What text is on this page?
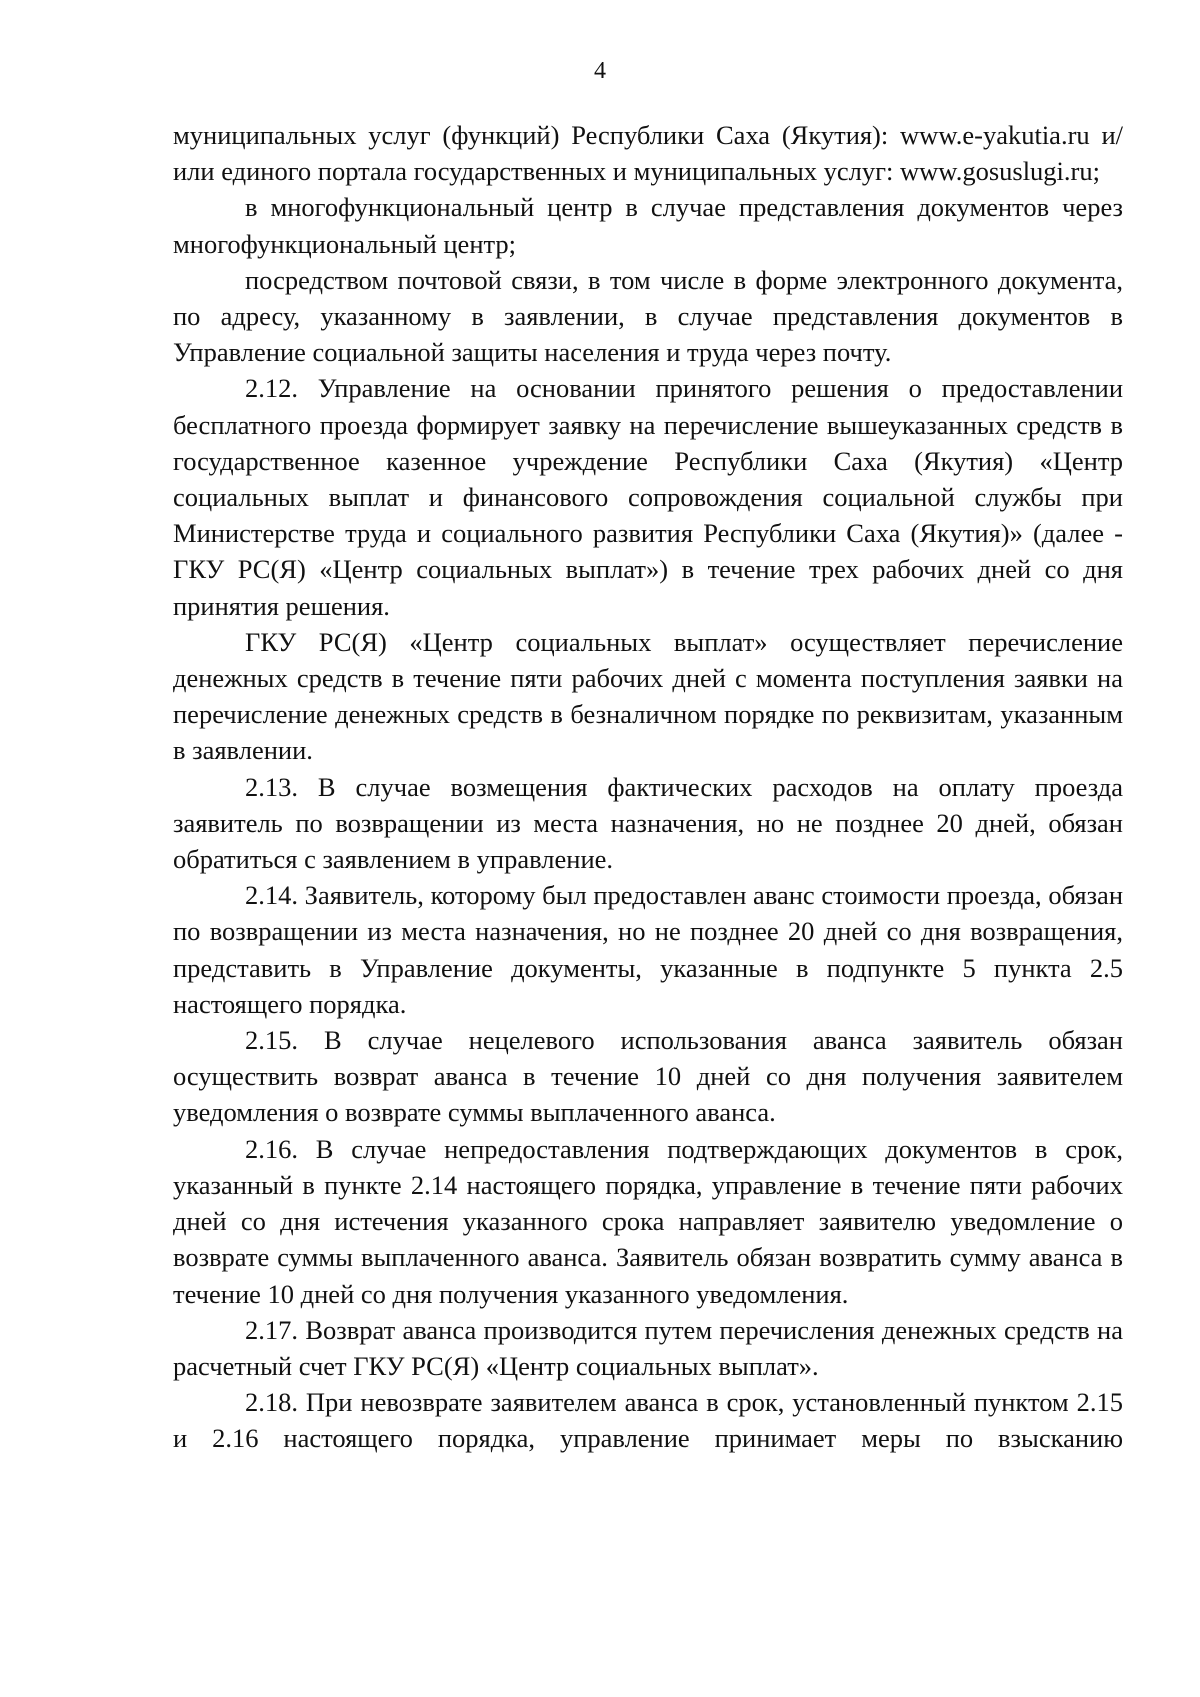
4

муниципальных услуг (функций) Республики Саха (Якутия): www.e-yakutia.ru и/или единого портала государственных и муниципальных услуг: www.gosuslugi.ru;

в многофункциональный центр в случае представления документов через многофункциональный центр;

посредством почтовой связи, в том числе в форме электронного документа, по адресу, указанному в заявлении, в случае представления документов в Управление социальной защиты населения и труда через почту.

2.12. Управление на основании принятого решения о предоставлении бесплатного проезда формирует заявку на перечисление вышеуказанных средств в государственное казенное учреждение Республики Саха (Якутия) «Центр социальных выплат и финансового сопровождения социальной службы при Министерстве труда и социального развития Республики Саха (Якутия)» (далее - ГКУ РС(Я) «Центр социальных выплат») в течение трех рабочих дней со дня принятия решения.

ГКУ РС(Я) «Центр социальных выплат» осуществляет перечисление денежных средств в течение пяти рабочих дней с момента поступления заявки на перечисление денежных средств в безналичном порядке по реквизитам, указанным в заявлении.

2.13. В случае возмещения фактических расходов на оплату проезда заявитель по возвращении из места назначения, но не позднее 20 дней, обязан обратиться с заявлением в управление.

2.14. Заявитель, которому был предоставлен аванс стоимости проезда, обязан по возвращении из места назначения, но не позднее 20 дней со дня возвращения, представить в Управление документы, указанные в подпункте 5 пункта 2.5 настоящего порядка.

2.15. В случае нецелевого использования аванса заявитель обязан осуществить возврат аванса в течение 10 дней со дня получения заявителем уведомления о возврате суммы выплаченного аванса.

2.16. В случае непредоставления подтверждающих документов в срок, указанный в пункте 2.14 настоящего порядка, управление в течение пяти рабочих дней со дня истечения указанного срока направляет заявителю уведомление о возврате суммы выплаченного аванса. Заявитель обязан возвратить сумму аванса в течение 10 дней со дня получения указанного уведомления.

2.17. Возврат аванса производится путем перечисления денежных средств на расчетный счет ГКУ РС(Я) «Центр социальных выплат».

2.18. При невозврате заявителем аванса в срок, установленный пунктом 2.15 и 2.16 настоящего порядка, управление принимает меры по взысканию
